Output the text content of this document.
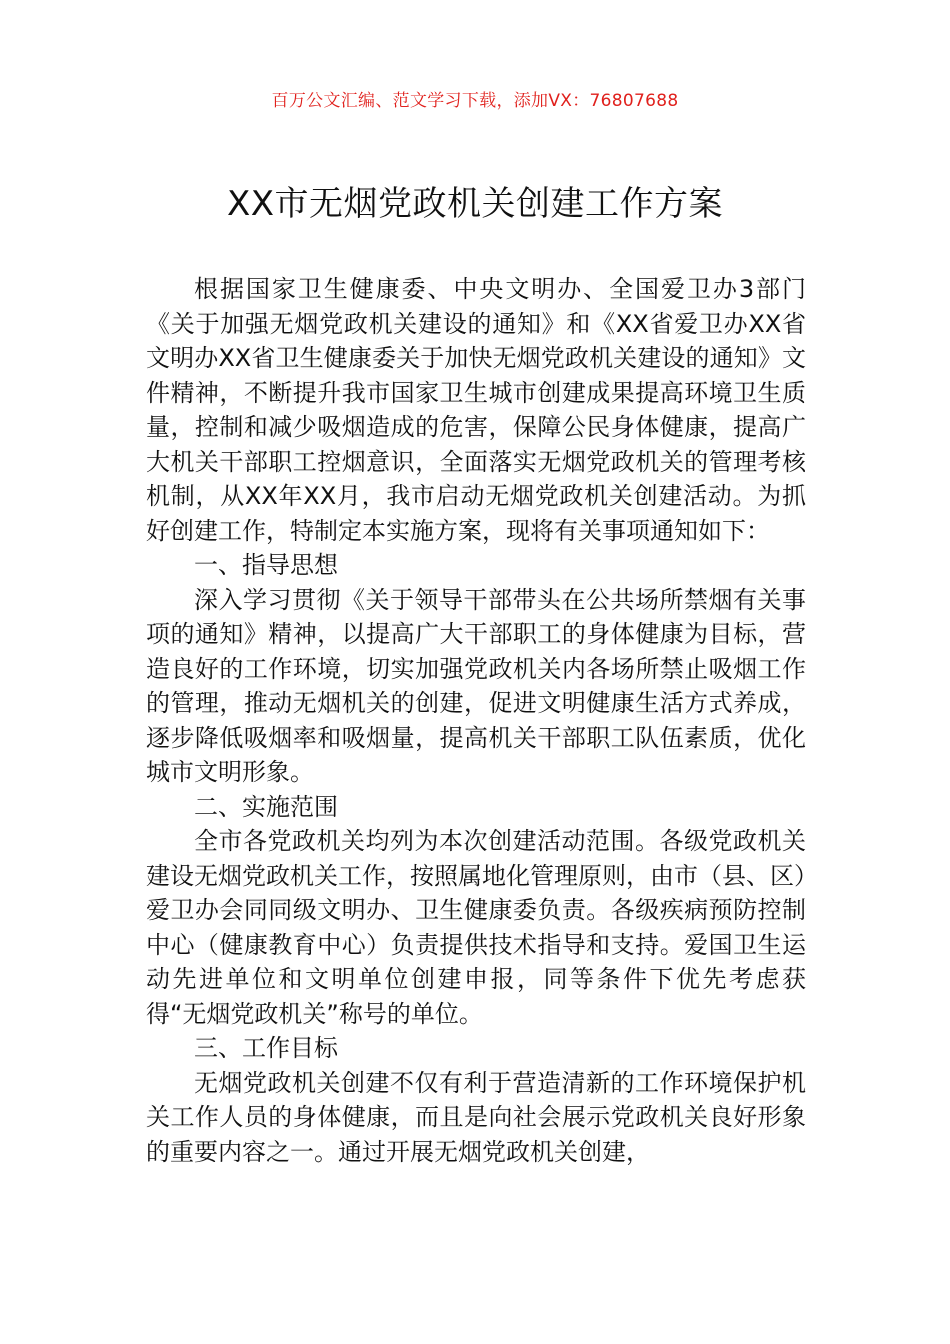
百万公文汇编、范文学习下载，添加VX：76807688
XX市无烟党政机关创建工作方案

根据国家卫生健康委、中央文明办、全国爱卫办3部门《关于加强无烟党政机关建设的通知》和《XX省爱卫办XX省文明办XX省卫生健康委关于加快无烟党政机关建设的通知》文件精神，不断提升我市国家卫生城市创建成果提高环境卫生质量，控制和减少吸烟造成的危害，保障公民身体健康，提高广大机关干部职工控烟意识，全面落实无烟党政机关的管理考核机制，从XX年XX月，我市启动无烟党政机关创建活动。为抓好创建工作，特制定本实施方案，现将有关事项通知如下：

一、指导思想

深入学习贯彻《关于领导干部带头在公共场所禁烟有关事项的通知》精神，以提高广大干部职工的身体健康为目标，营造良好的工作环境，切实加强党政机关内各场所禁止吸烟工作的管理，推动无烟机关的创建，促进文明健康生活方式养成，逐步降低吸烟率和吸烟量，提高机关干部职工队伍素质，优化城市文明形象。

二、实施范围

全市各党政机关均列为本次创建活动范围。各级党政机关建设无烟党政机关工作，按照属地化管理原则，由市（县、区）爱卫办会同同级文明办、卫生健康委负责。各级疾病预防控制中心（健康教育中心）负责提供技术指导和支持。爱国卫生运动先进单位和文明单位创建申报，同等条件下优先考虑获得“无烟党政机关”称号的单位。

三、工作目标

无烟党政机关创建不仅有利于营造清新的工作环境保护机关工作人员的身体健康，而且是向社会展示党政机关良好形象的重要内容之一。通过开展无烟党政机关创建，
